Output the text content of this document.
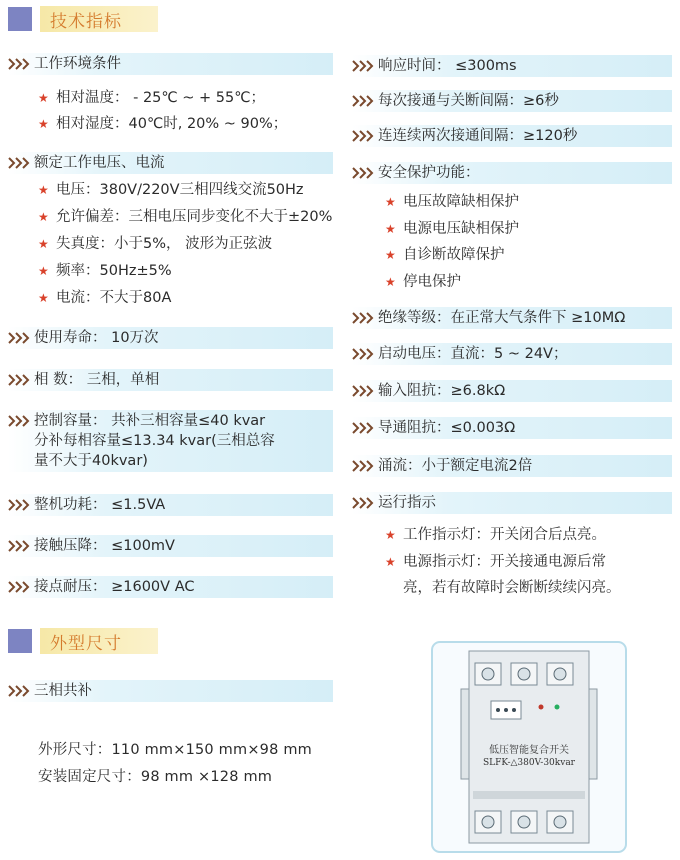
技术指标
工作环境条件
★ 相对温度： - 25℃ ~ + 55℃；
★ 相对湿度：40℃时, 20% ~ 90%；
额定工作电压、电流
★ 电压：380V/220V三相四线交流50Hz
★ 允许偏差：三相电压同步变化不大于±20%
★ 失真度：小于5%， 波形为正弦波
★ 频率：50Hz±5%
★ 电流：不大于80A
使用寿命： 10万次
相 数： 三相，单相
控制容量： 共补三相容量≤40 kvar
分补每相容量≤13.34 kvar(三相总容
量不大于40kvar)
整机功耗： ≤1.5VA
接触压降： ≤100mV
接点耐压： ≥1600V AC
响应时间： ≤300ms
每次接通与关断间隔：≥6秒
连连续两次接通间隔：≥120秒
安全保护功能：
★ 电压故障缺相保护
★ 电源电压缺相保护
★ 自诊断故障保护
★ 停电保护
绝缘等级：在正常大气条件下 ≥10MΩ
启动电压：直流：5 ~ 24V；
输入阻抗：≥6.8kΩ
导通阻抗：≤0.003Ω
涌流：小于额定电流2倍
运行指示
★ 工作指示灯：开关闭合后点亮。
★ 电源指示灯：开关接通电源后常
亮，若有故障时会断断续续闪亮。
外型尺寸
三相共补
外形尺寸：110 mm×150 mm×98 mm
安装固定尺寸：98 mm ×128 mm
低压智能复合开关
SLFK-△380V-30kvar
